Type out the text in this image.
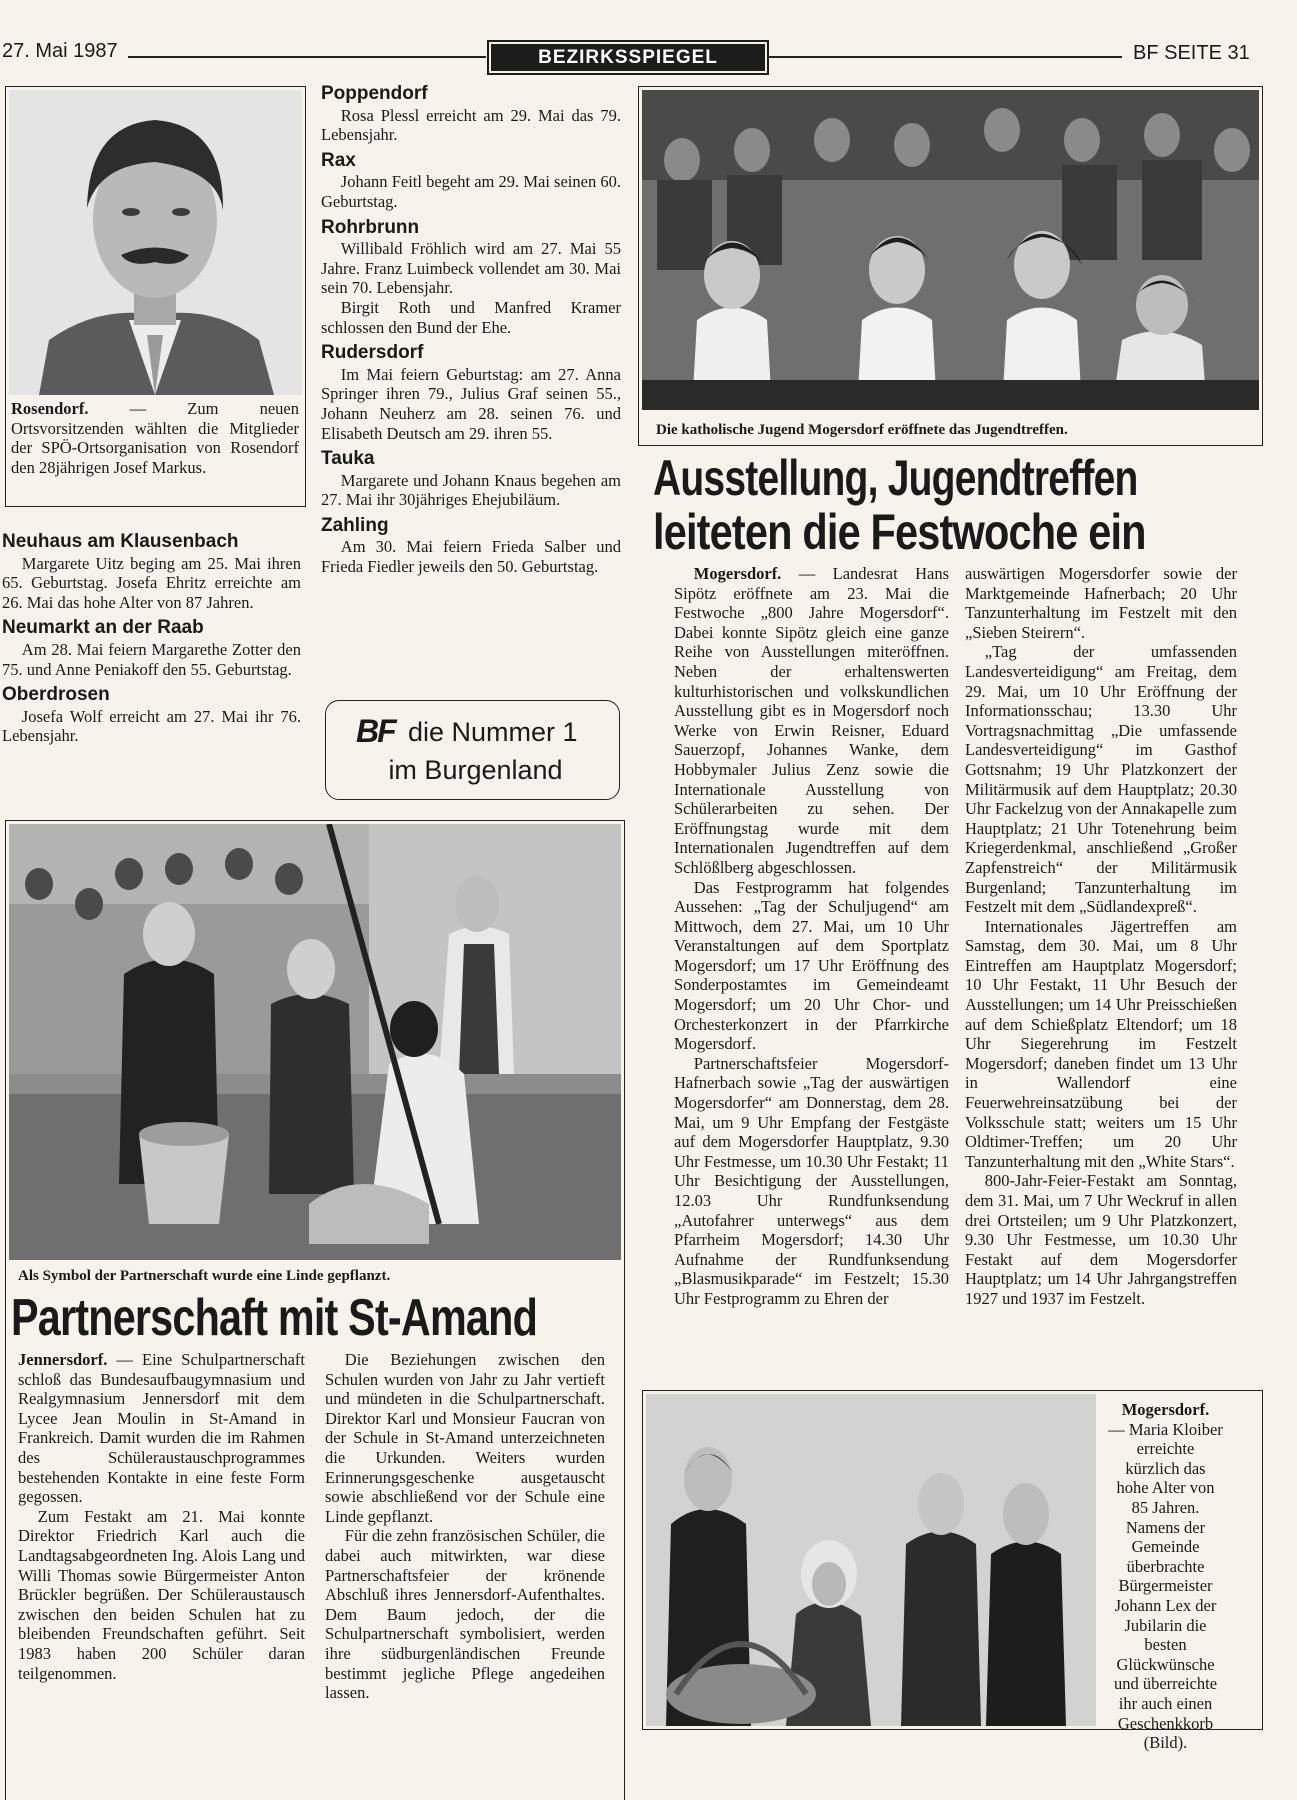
27. Mai 1987	BEZIRKSSPIEGEL	BF SEITE 31

Rosendorf. — Zum neuen Ortsvorsitzenden wählten die Mitglieder der SPÖ-Ortsorganisation von Rosendorf den 28jährigen Josef Markus.

Poppendorf

Rosa Plessl erreicht am 29. Mai das 79. Lebensjahr.

Rax

Johann Feitl begeht am 29. Mai seinen 60. Geburtstag.

Rohrbrunn

Willibald Fröhlich wird am 27. Mai 55 Jahre. Franz Luimbeck vollendet am 30. Mai sein 70. Lebensjahr.

Birgit Roth und Manfred Kramer schlossen den Bund der Ehe.

Rudersdorf

Im Mai feiern Geburtstag: am 27. Anna Springer ihren 79., Julius Graf seinen 55., Johann Neuherz am 28. seinen 76. und Elisabeth Deutsch am 29. ihren 55.

Tauka

Margarete und Johann Knaus begehen am 27. Mai ihr 30jähriges Ehejubiläum.

Zahling

Am 30. Mai feiern Frieda Salber und Frieda Fiedler jeweils den 50. Geburtstag.

Neuhaus am Klausenbach

Margarete Uitz beging am 25. Mai ihren 65. Geburtstag. Josefa Ehritz erreichte am 26. Mai das hohe Alter von 87 Jahren.

Neumarkt an der Raab

Am 28. Mai feiern Margarethe Zotter den 75. und Anne Peniakoff den 55. Geburtstag.

Oberdrosen

Josefa Wolf erreicht am 27. Mai ihr 76. Lebensjahr.	BF die Nummer 1
im Burgenland
Die katholische Jugend Mogersdorf eröffnete das Jugendtreffen.
Ausstellung, Jugendtreffen
leiteten die Festwoche ein

Mogersdorf. — Landesrat Hans Sipötz eröffnete am 23. Mai die Festwoche „800 Jahre Mogersdorf“. Dabei konnte Sipötz gleich eine ganze Reihe von Ausstellungen miteröffnen. Neben der erhaltenswerten kulturhistorischen und volkskundlichen Ausstellung gibt es in Mogersdorf noch Werke von Erwin Reisner, Eduard Sauerzopf, Johannes Wanke, dem Hobbymaler Julius Zenz sowie die Internationale Ausstellung von Schülerarbeiten zu sehen. Der Eröffnungstag wurde mit dem Internationalen Jugendtreffen auf dem Schlößlberg abgeschlossen.

Das Festprogramm hat folgendes Aussehen: „Tag der Schuljugend“ am Mittwoch, dem 27. Mai, um 10 Uhr Veranstaltungen auf dem Sportplatz Mogersdorf; um 17 Uhr Eröffnung des Sonderpostamtes im Gemeindeamt Mogersdorf; um 20 Uhr Chor- und Orchesterkonzert in der Pfarrkirche Mogersdorf.

Partnerschaftsfeier Mogersdorf-Hafnerbach sowie „Tag der auswärtigen Mogersdorfer“ am Donnerstag, dem 28. Mai, um 9 Uhr Empfang der Festgäste auf dem Mogersdorfer Hauptplatz, 9.30 Uhr Festmesse, um 10.30 Uhr Festakt; 11 Uhr Besichtigung der Ausstellungen, 12.03 Uhr Rundfunksendung „Autofahrer unterwegs“ aus dem Pfarrheim Mogersdorf; 14.30 Uhr Aufnahme der Rundfunksendung „Blasmusikparade“ im Festzelt; 15.30 Uhr Festprogramm zu Ehren der

auswärtigen Mogersdorfer sowie der Marktgemeinde Hafnerbach; 20 Uhr Tanzunterhaltung im Festzelt mit den „Sieben Steirern“.

„Tag der umfassenden Landesverteidigung“ am Freitag, dem 29. Mai, um 10 Uhr Eröffnung der Informationsschau; 13.30 Uhr Vortragsnachmittag „Die umfassende Landesverteidigung“ im Gasthof Gottsnahm; 19 Uhr Platzkonzert der Militärmusik auf dem Hauptplatz; 20.30 Uhr Fackelzug von der Annakapelle zum Hauptplatz; 21 Uhr Totenehrung beim Kriegerdenkmal, anschließend „Großer Zapfenstreich“ der Militärmusik Burgenland; Tanzunterhaltung im Festzelt mit dem „Südlandexpreß“.

Internationales Jägertreffen am Samstag, dem 30. Mai, um 8 Uhr Eintreffen am Hauptplatz Mogersdorf; 10 Uhr Festakt, 11 Uhr Besuch der Ausstellungen; um 14 Uhr Preisschießen auf dem Schießplatz Eltendorf; um 18 Uhr Siegerehrung im Festzelt Mogersdorf; daneben findet um 13 Uhr in Wallendorf eine Feuerwehreinsatzübung bei der Volksschule statt; weiters um 15 Uhr Oldtimer-Treffen; um 20 Uhr Tanzunterhaltung mit den „White Stars“.

800-Jahr-Feier-Festakt am Sonntag, dem 31. Mai, um 7 Uhr Weckruf in allen drei Ortsteilen; um 9 Uhr Platzkonzert, 9.30 Uhr Festmesse, um 10.30 Uhr Festakt auf dem Mogersdorfer Hauptplatz; um 14 Uhr Jahrgangstreffen 1927 und 1937 im Festzelt.

Als Symbol der Partnerschaft wurde eine Linde gepflanzt.
Partnerschaft mit St-Amand

Jennersdorf. — Eine Schulpartnerschaft schloß das Bundesaufbaugymnasium und Realgymnasium Jennersdorf mit dem Lycee Jean Moulin in St-Amand in Frankreich. Damit wurden die im Rahmen des Schüleraustauschprogrammes bestehenden Kontakte in eine feste Form gegossen.

Zum Festakt am 21. Mai konnte Direktor Friedrich Karl auch die Landtagsabgeordneten Ing. Alois Lang und Willi Thomas sowie Bürgermeister Anton Brückler begrüßen. Der Schüleraustausch zwischen den beiden Schulen hat zu bleibenden Freundschaften geführt. Seit 1983 haben 200 Schüler daran teilgenommen.

Die Beziehungen zwischen den Schulen wurden von Jahr zu Jahr vertieft und mündeten in die Schulpartnerschaft. Direktor Karl und Monsieur Faucran von der Schule in St-Amand unterzeichneten die Urkunden. Weiters wurden Erinnerungsgeschenke ausgetauscht sowie abschließend vor der Schule eine Linde gepflanzt.

Für die zehn französischen Schüler, die dabei auch mitwirkten, war diese Partnerschaftsfeier der krönende Abschluß ihres Jennersdorf-Aufenthaltes. Dem Baum jedoch, der die Schulpartnerschaft symbolisiert, werden ihre südburgenländischen Freunde bestimmt jegliche Pflege angedeihen lassen.

Mogersdorf.

— Maria Kloiber erreichte kürzlich das hohe Alter von 85 Jahren. Namens der Gemeinde überbrachte Bürgermeister Johann Lex der Jubilarin die besten Glückwünsche und überreichte ihr auch einen Geschenkkorb (Bild).
